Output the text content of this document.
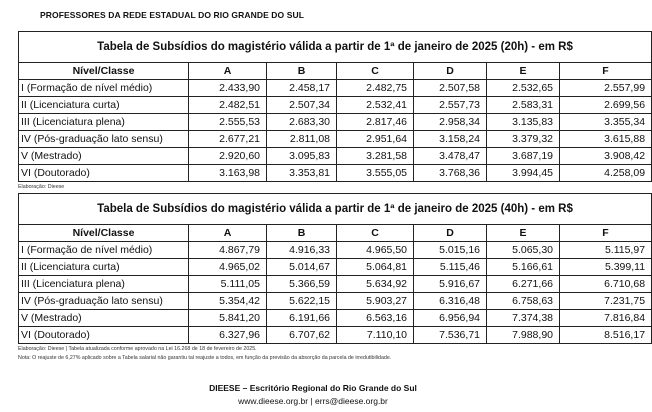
PROFESSORES DA REDE ESTADUAL DO RIO GRANDE DO SUL
Tabela de Subsídios do magistério válida a partir de 1ª de janeiro de 2025 (20h) - em R$						
Nível/Classe	A	B	C	D	E	F
I (Formação de nível médio)	2.433,90	2.458,17	2.482,75	2.507,58	2.532,65	2.557,99
II (Licenciatura curta)	2.482,51	2.507,34	2.532,41	2.557,73	2.583,31	2.699,56
III (Licenciatura plena)	2.555,53	2.683,30	2.817,46	2.958,34	3.135,83	3.355,34
IV (Pós-graduação lato sensu)	2.677,21	2.811,08	2.951,64	3.158,24	3.379,32	3.615,88
V (Mestrado)	2.920,60	3.095,83	3.281,58	3.478,47	3.687,19	3.908,42
VI (Doutorado)	3.163,98	3.353,81	3.555,05	3.768,36	3.994,45	4.258,09
Elaboração: Dieese
Tabela de Subsídios do magistério válida a partir de 1ª de janeiro de 2025 (40h) - em R$						
Nível/Classe	A	B	C	D	E	F
I (Formação de nível médio)	4.867,79	4.916,33	4.965,50	5.015,16	5.065,30	5.115,97
II (Licenciatura curta)	4.965,02	5.014,67	5.064,81	5.115,46	5.166,61	5.399,11
III (Licenciatura plena)	5.111,05	5.366,59	5.634,92	5.916,67	6.271,66	6.710,68
IV (Pós-graduação lato sensu)	5.354,42	5.622,15	5.903,27	6.316,48	6.758,63	7.231,75
V (Mestrado)	5.841,20	6.191,66	6.563,16	6.956,94	7.374,38	7.816,84
VI (Doutorado)	6.327,96	6.707,62	7.110,10	7.536,71	7.988,90	8.516,17
Elaboração: Dieese | Tabela atualizada conforme aprovado na Lei 16.268 de 18 de fevereiro de 2025.
Nota: O reajuste de 6,27% aplicado sobre a Tabela salarial não garantiu tal reajuste a todos, em função da previsão da absorção da parcela de irredutibilidade.
DIEESE – Escritório Regional do Rio Grande do Sul
www.dieese.org.br | errs@dieese.org.br
